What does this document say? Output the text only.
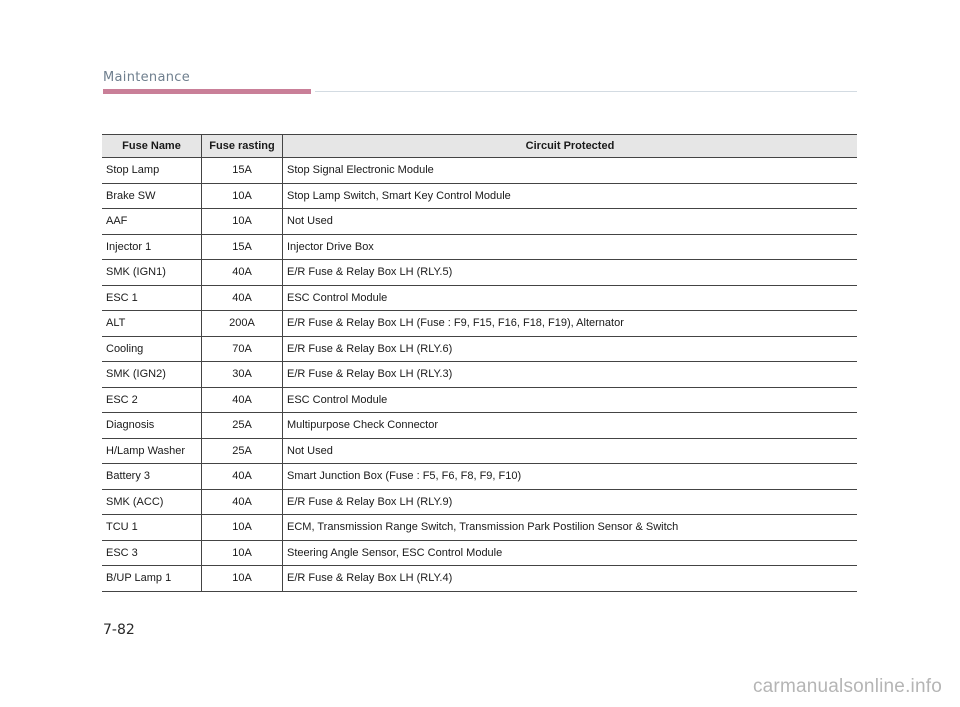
Maintenance
Fuse Name	Fuse rasting	Circuit Protected
Stop Lamp	15A	Stop Signal Electronic Module
Brake SW	10A	Stop Lamp Switch, Smart Key Control Module
AAF	10A	Not Used
Injector 1	15A	Injector Drive Box
SMK (IGN1)	40A	E/R Fuse & Relay Box LH (RLY.5)
ESC 1	40A	ESC Control Module
ALT	200A	E/R Fuse & Relay Box LH (Fuse : F9, F15, F16, F18, F19), Alternator
Cooling	70A	E/R Fuse & Relay Box LH (RLY.6)
SMK (IGN2)	30A	E/R Fuse & Relay Box LH (RLY.3)
ESC 2	40A	ESC Control Module
Diagnosis	25A	Multipurpose Check Connector
H/Lamp Washer	25A	Not Used
Battery 3	40A	Smart Junction Box (Fuse : F5, F6, F8, F9, F10)
SMK (ACC)	40A	E/R Fuse & Relay Box LH (RLY.9)
TCU 1	10A	ECM, Transmission Range Switch, Transmission Park Postilion Sensor & Switch
ESC 3	10A	Steering Angle Sensor, ESC Control Module
B/UP Lamp 1	10A	E/R Fuse & Relay Box LH (RLY.4)
7-82
carmanualsonline.info
